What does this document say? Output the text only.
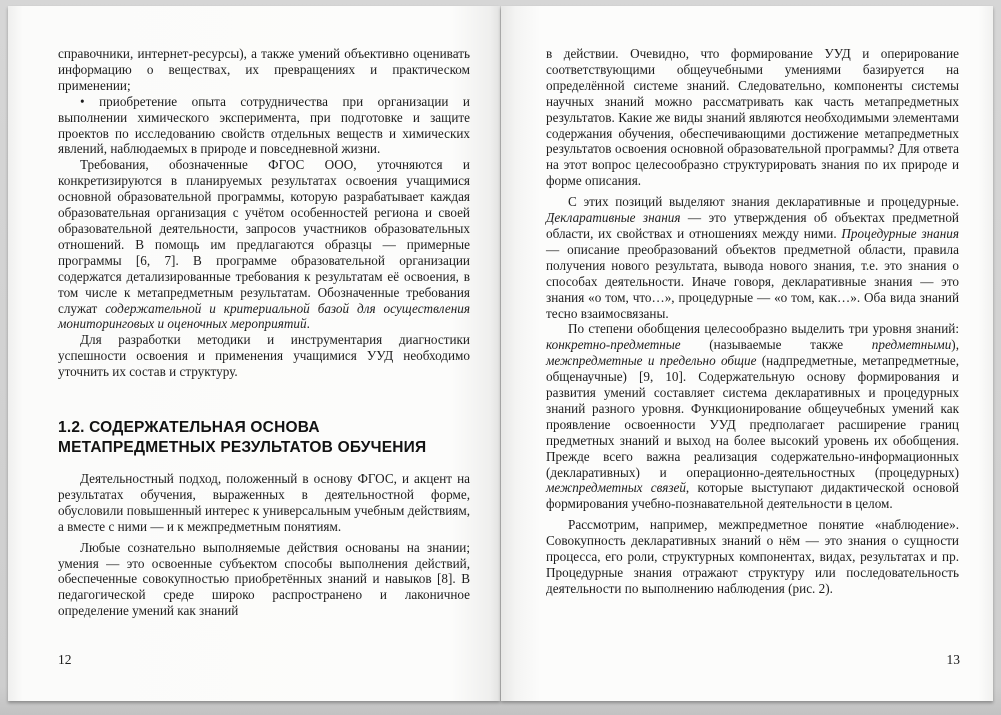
справочники, интернет-ресурсы), а также умений объективно оценивать информацию о веществах, их превращениях и практическом применении;

• приобретение опыта сотрудничества при организации и выполнении химического эксперимента, при подготовке и защите проектов по исследованию свойств отдельных веществ и химических явлений, наблюдаемых в природе и повседневной жизни.

Требования, обозначенные ФГОС ООО, уточняются и конкретизируются в планируемых результатах освоения учащимися основной образовательной программы, которую разрабатывает каждая образовательная организация с учётом особенностей региона и своей образовательной деятельности, запросов участников образовательных отношений. В помощь им предлагаются образцы — примерные программы [6, 7]. В программе образовательной организации содержатся детализированные требования к результатам её освоения, в том числе к метапредметным результатам. Обозначенные требования служат содержательной и критериальной базой для осуществления мониторинговых и оценочных мероприятий.

Для разработки методики и инструментария диагностики успешности освоения и применения учащимися УУД необходимо уточнить их состав и структуру.

1.2. СОДЕРЖАТЕЛЬНАЯ ОСНОВА МЕТАПРЕДМЕТНЫХ РЕЗУЛЬТАТОВ ОБУЧЕНИЯ

Деятельностный подход, положенный в основу ФГОС, и акцент на результатах обучения, выраженных в деятельностной форме, обусловили повышенный интерес к универсальным учебным действиям, а вместе с ними — и к межпредметным понятиям.

Любые сознательно выполняемые действия основаны на знании; умения — это освоенные субъектом способы выполнения действий, обеспеченные совокупностью приобретённых знаний и навыков [8]. В педагогической среде широко распространено и лаконичное определение умений как знаний

12

в действии. Очевидно, что формирование УУД и оперирование соответствующими общеучебными умениями базируется на определённой системе знаний. Следовательно, компоненты системы научных знаний можно рассматривать как часть метапредметных результатов. Какие же виды знаний являются необходимыми элементами содержания обучения, обеспечивающими достижение метапредметных результатов освоения основной образовательной программы? Для ответа на этот вопрос целесообразно структурировать знания по их природе и форме описания.

С этих позиций выделяют знания декларативные и процедурные. Декларативные знания — это утверждения об объектах предметной области, их свойствах и отношениях между ними. Процедурные знания — описание преобразований объектов предметной области, правила получения нового результата, вывода нового знания, т.е. это знания о способах деятельности. Иначе говоря, декларативные знания — это знания «о том, что…», процедурные — «о том, как…». Оба вида знаний тесно взаимосвязаны.

По степени обобщения целесообразно выделить три уровня знаний: конкретно-предметные (называемые также предметными), межпредметные и предельно общие (надпредметные, метапредметные, общенаучные) [9, 10]. Содержательную основу формирования и развития умений составляет система декларативных и процедурных знаний разного уровня. Функционирование общеучебных умений как проявление освоенности УУД предполагает расширение границ предметных знаний и выход на более высокий уровень их обобщения. Прежде всего важна реализация содержательно-информационных (декларативных) и операционно-деятельностных (процедурных) межпредметных связей, которые выступают дидактической основой формирования учебно-познавательной деятельности в целом.

Рассмотрим, например, межпредметное понятие «наблюдение». Совокупность декларативных знаний о нём — это знания о сущности процесса, его роли, структурных компонентах, видах, результатах и пр. Процедурные знания отражают структуру или последовательность деятельности по выполнению наблюдения (рис. 2).

13
